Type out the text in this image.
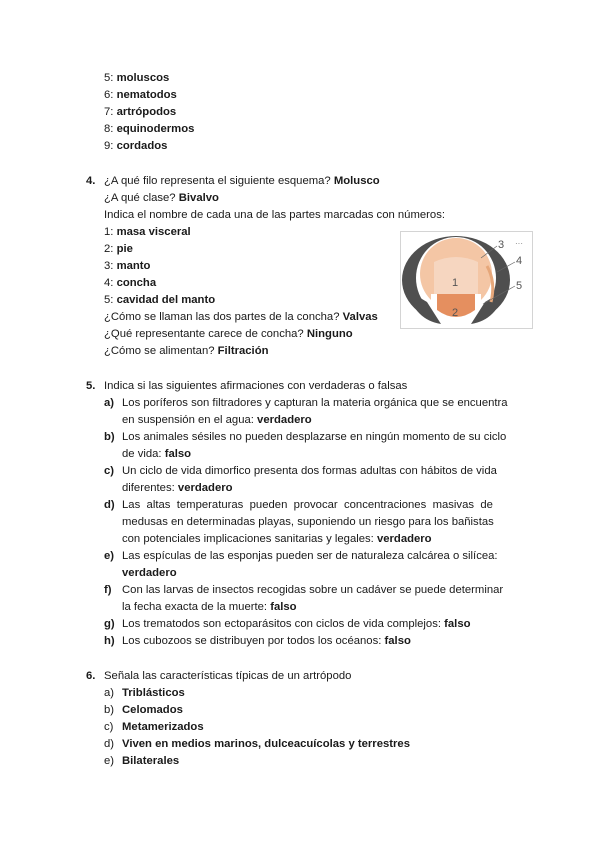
5: moluscos
6: nematodos
7: artrópodos
8: equinodermos
9: cordados
4. ¿A qué filo representa el siguiente esquema? Molusco
¿A qué clase? Bivalvo
Indica el nombre de cada una de las partes marcadas con números:
1: masa visceral
2: pie
3: manto
4: concha
5: cavidad del manto
¿Cómo se llaman las dos partes de la concha? Valvas
¿Qué representante carece de concha? Ninguno
¿Cómo se alimentan? Filtración
1
2
3
4
5
···
5. Indica si las siguientes afirmaciones con verdaderas o falsas
a) Los poríferos son filtradores y capturan la materia orgánica que se encuentra
en suspensión en el agua: verdadero
b) Los animales sésiles no pueden desplazarse en ningún momento de su ciclo
de vida: falso
c) Un ciclo de vida dimorfico presenta dos formas adultas con hábitos de vida
diferentes: verdadero
d) Las altas temperaturas pueden provocar concentraciones masivas de
medusas en determinadas playas, suponiendo un riesgo para los bañistas
con potenciales implicaciones sanitarias y legales: verdadero
e) Las espículas de las esponjas pueden ser de naturaleza calcárea o silícea:
verdadero
f) Con las larvas de insectos recogidas sobre un cadáver se puede determinar
la fecha exacta de la muerte: falso
g) Los trematodos son ectoparásitos con ciclos de vida complejos: falso
h) Los cubozoos se distribuyen por todos los océanos: falso
6. Señala las características típicas de un artrópodo
a) Triblásticos
b) Celomados
c) Metamerizados
d) Viven en medios marinos, dulceacuícolas y terrestres
e) Bilaterales
